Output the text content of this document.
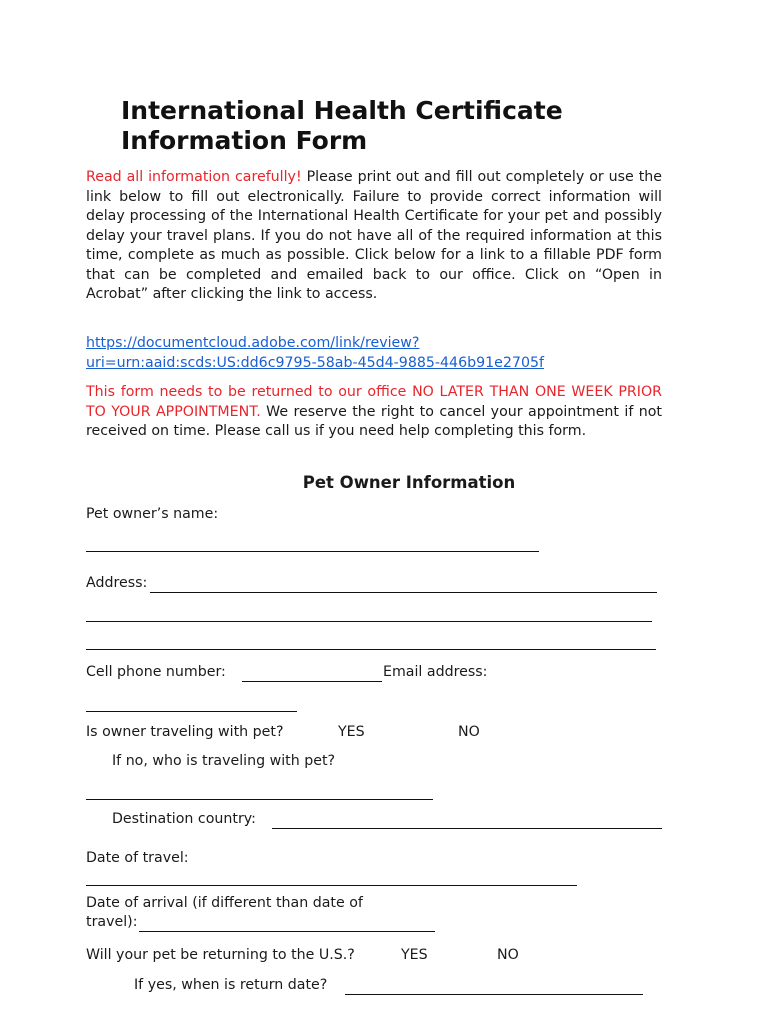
International Health Certificate
Information Form

Read all information carefully! Please print out and fill out completely or use the link below to fill out electronically. Failure to provide correct information will delay processing of the International Health Certificate for your pet and possibly delay your travel plans. If you do not have all of the required information at this time, complete as much as possible. Click below for a link to a fillable PDF form that can be completed and emailed back to our office. Click on “Open in Acrobat” after clicking the link to access.

https://documentcloud.adobe.com/link/review?
uri=urn:aaid:scds:US:dd6c9795-58ab-45d4-9885-446b91e2705f

This form needs to be returned to our office NO LATER THAN ONE WEEK PRIOR TO YOUR APPOINTMENT. We reserve the right to cancel your appointment if not received on time. Please call us if you need help completing this form.

Pet Owner Information
Pet owner’s name:
Address:
Cell phone number:	Email address:
Is owner traveling with pet?	YES	NO
If no, who is traveling with pet?
Destination country:
Date of travel:
Date of arrival (if different than date of
travel):
Will your pet be returning to the U.S.?	YES	NO
If yes, when is return date?
